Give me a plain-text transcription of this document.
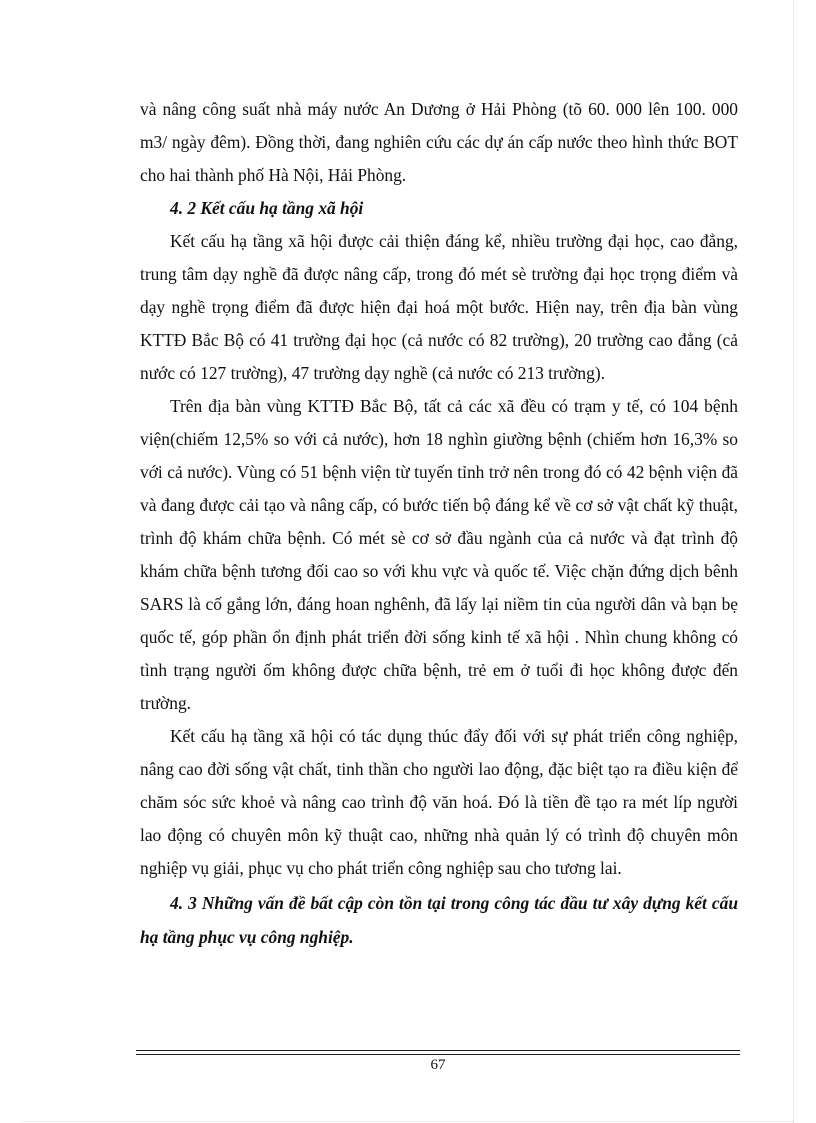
và nâng công suất nhà máy nước An Dương ở Hải Phòng (tõ 60. 000 lên 100. 000 m3/ ngày đêm). Đồng thời, đang nghiên cứu các dự án cấp nước theo hình thức BOT cho hai thành phố Hà Nội, Hải Phòng.

4. 2 Kết cấu hạ tầng xã hội

Kết cấu hạ tầng xã hội được cải thiện đáng kể, nhiều trường đại học, cao đẳng, trung tâm dạy nghề đã được nâng cấp, trong đó mét sè trường đại học trọng điểm và dạy nghề trọng điểm đã được hiện đại hoá một bước. Hiện nay, trên địa bàn vùng KTTĐ Bắc Bộ có 41 trường đại học (cả nước có 82 trường), 20 trường cao đẳng (cả nước có 127 trường), 47 trường dạy nghề (cả nước có 213 trường).

Trên địa bàn vùng KTTĐ Bắc Bộ, tất cả các xã đều có trạm y tế, có 104 bệnh viện(chiếm 12,5% so với cả nước), hơn 18 nghìn giường bệnh (chiếm hơn 16,3% so với cả nước). Vùng có 51 bệnh viện từ tuyến tỉnh trở nên trong đó có 42 bệnh viện đã và đang được cải tạo và nâng cấp, có bước tiến bộ đáng kể về cơ sở vật chất kỹ thuật, trình độ khám chữa bệnh. Có mét sè cơ sở đầu ngành của cả nước và đạt trình độ khám chữa bệnh tương đối cao so với khu vực và quốc tế. Việc chặn đứng dịch bênh SARS là cố gắng lớn, đáng hoan nghênh, đã lấy lại niềm tin của người dân và bạn bẹ quốc tế, góp phần ổn định phát triển đời sống kinh tế xã hội . Nhìn chung không có tình trạng người ốm không được chữa bệnh, trẻ em ở tuổi đi học không được đến trường.

Kết cấu hạ tầng xã hội có tác dụng thúc đẩy đối với sự phát triển công nghiệp, nâng cao đời sống vật chất, tinh thần cho người lao động, đặc biệt tạo ra điều kiện để chăm sóc sức khoẻ và nâng cao trình độ văn hoá. Đó là tiền đề tạo ra mét líp người lao động có chuyên môn kỹ thuật cao, những nhà quản lý có trình độ chuyên môn nghiệp vụ giải, phục vụ cho phát triển công nghiệp sau cho tương lai.

4. 3 Những vấn đề bất cập còn tồn tại trong công tác đầu tư xây dựng kết cấu hạ tầng phục vụ công nghiệp.
67
